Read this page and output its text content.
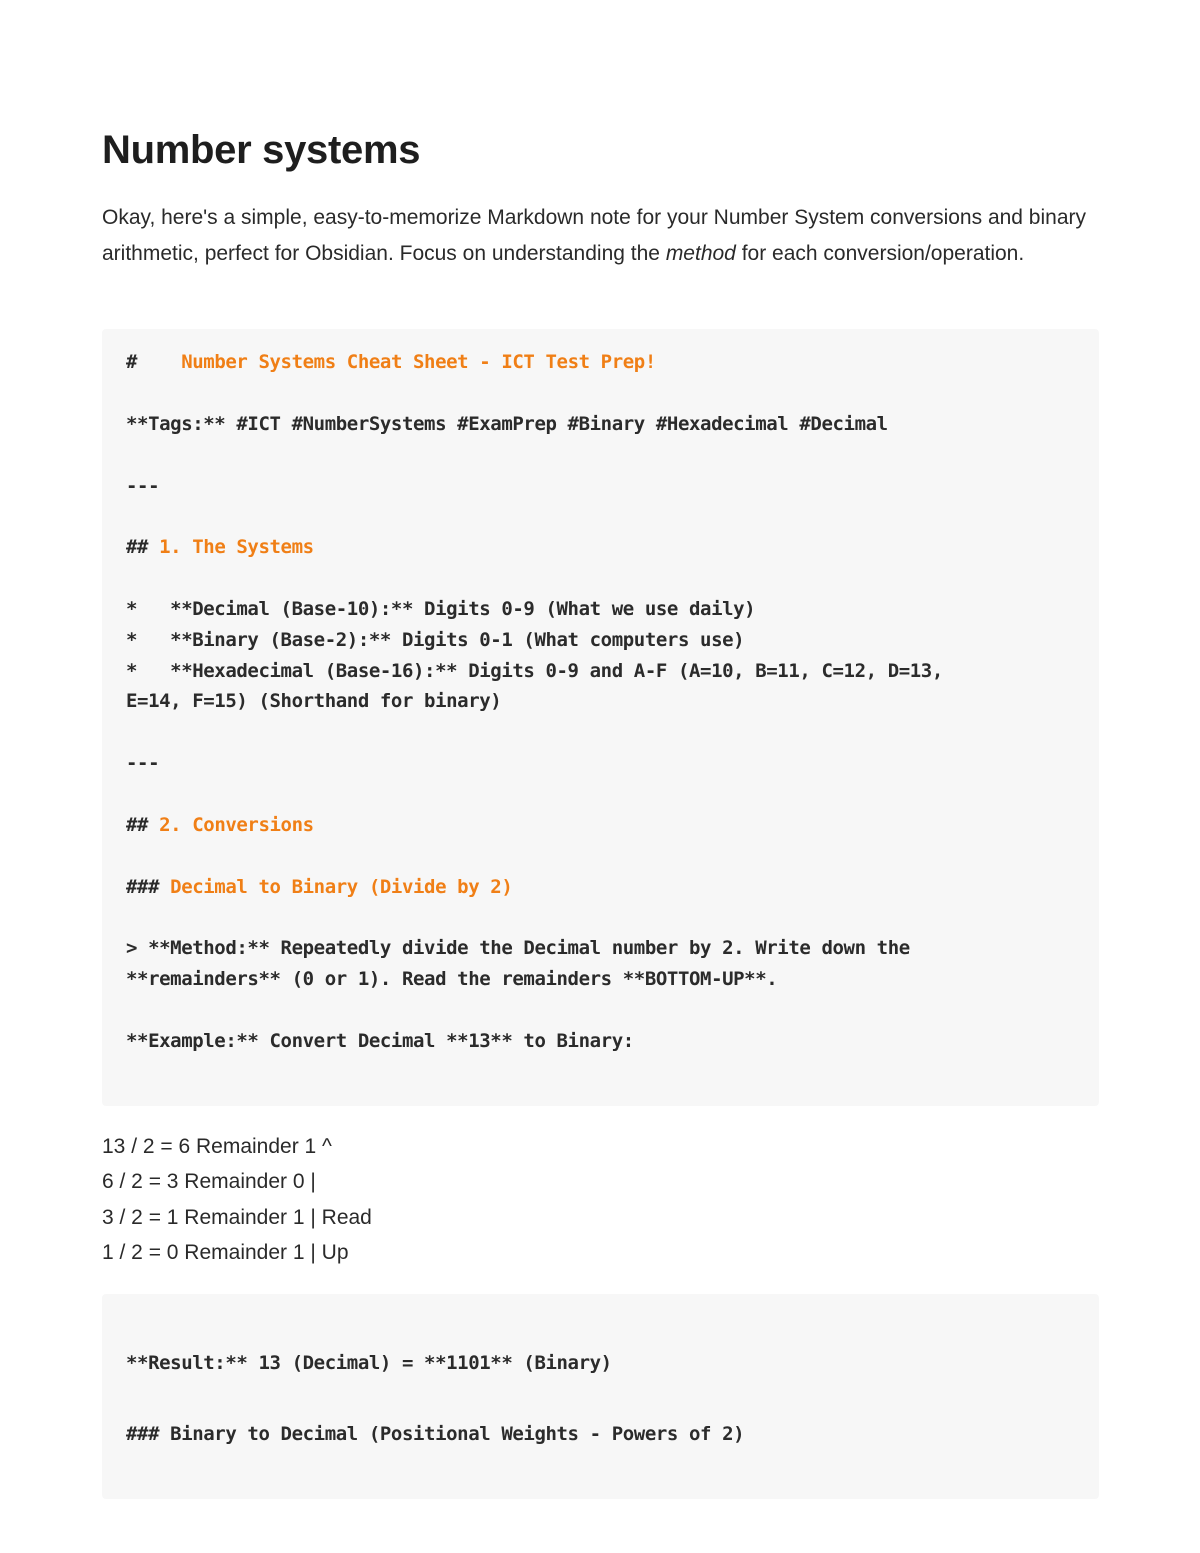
Number systems

Okay, here's a simple, easy-to-memorize Markdown note for your Number System conversions and binary arithmetic, perfect for Obsidian. Focus on understanding the method for each conversion/operation.

#    Number Systems Cheat Sheet - ICT Test Prep!
**Tags:** #ICT #NumberSystems #ExamPrep #Binary #Hexadecimal #Decimal
---
## 1. The Systems
*   **Decimal (Base-10):** Digits 0-9 (What we use daily)
*   **Binary (Base-2):** Digits 0-1 (What computers use)
*   **Hexadecimal (Base-16):** Digits 0-9 and A-F (A=10, B=11, C=12, D=13,
E=14, F=15) (Shorthand for binary)
---
## 2. Conversions
### Decimal to Binary (Divide by 2)
> **Method:** Repeatedly divide the Decimal number by 2. Write down the
**remainders** (0 or 1). Read the remainders **BOTTOM-UP**.
**Example:** Convert Decimal **13** to Binary:
13 / 2 = 6 Remainder 1 ^
6 / 2 = 3 Remainder 0 |
3 / 2 = 1 Remainder 1 | Read
1 / 2 = 0 Remainder 1 | Up
**Result:** 13 (Decimal) = **1101** (Binary)
### Binary to Decimal (Positional Weights - Powers of 2)
